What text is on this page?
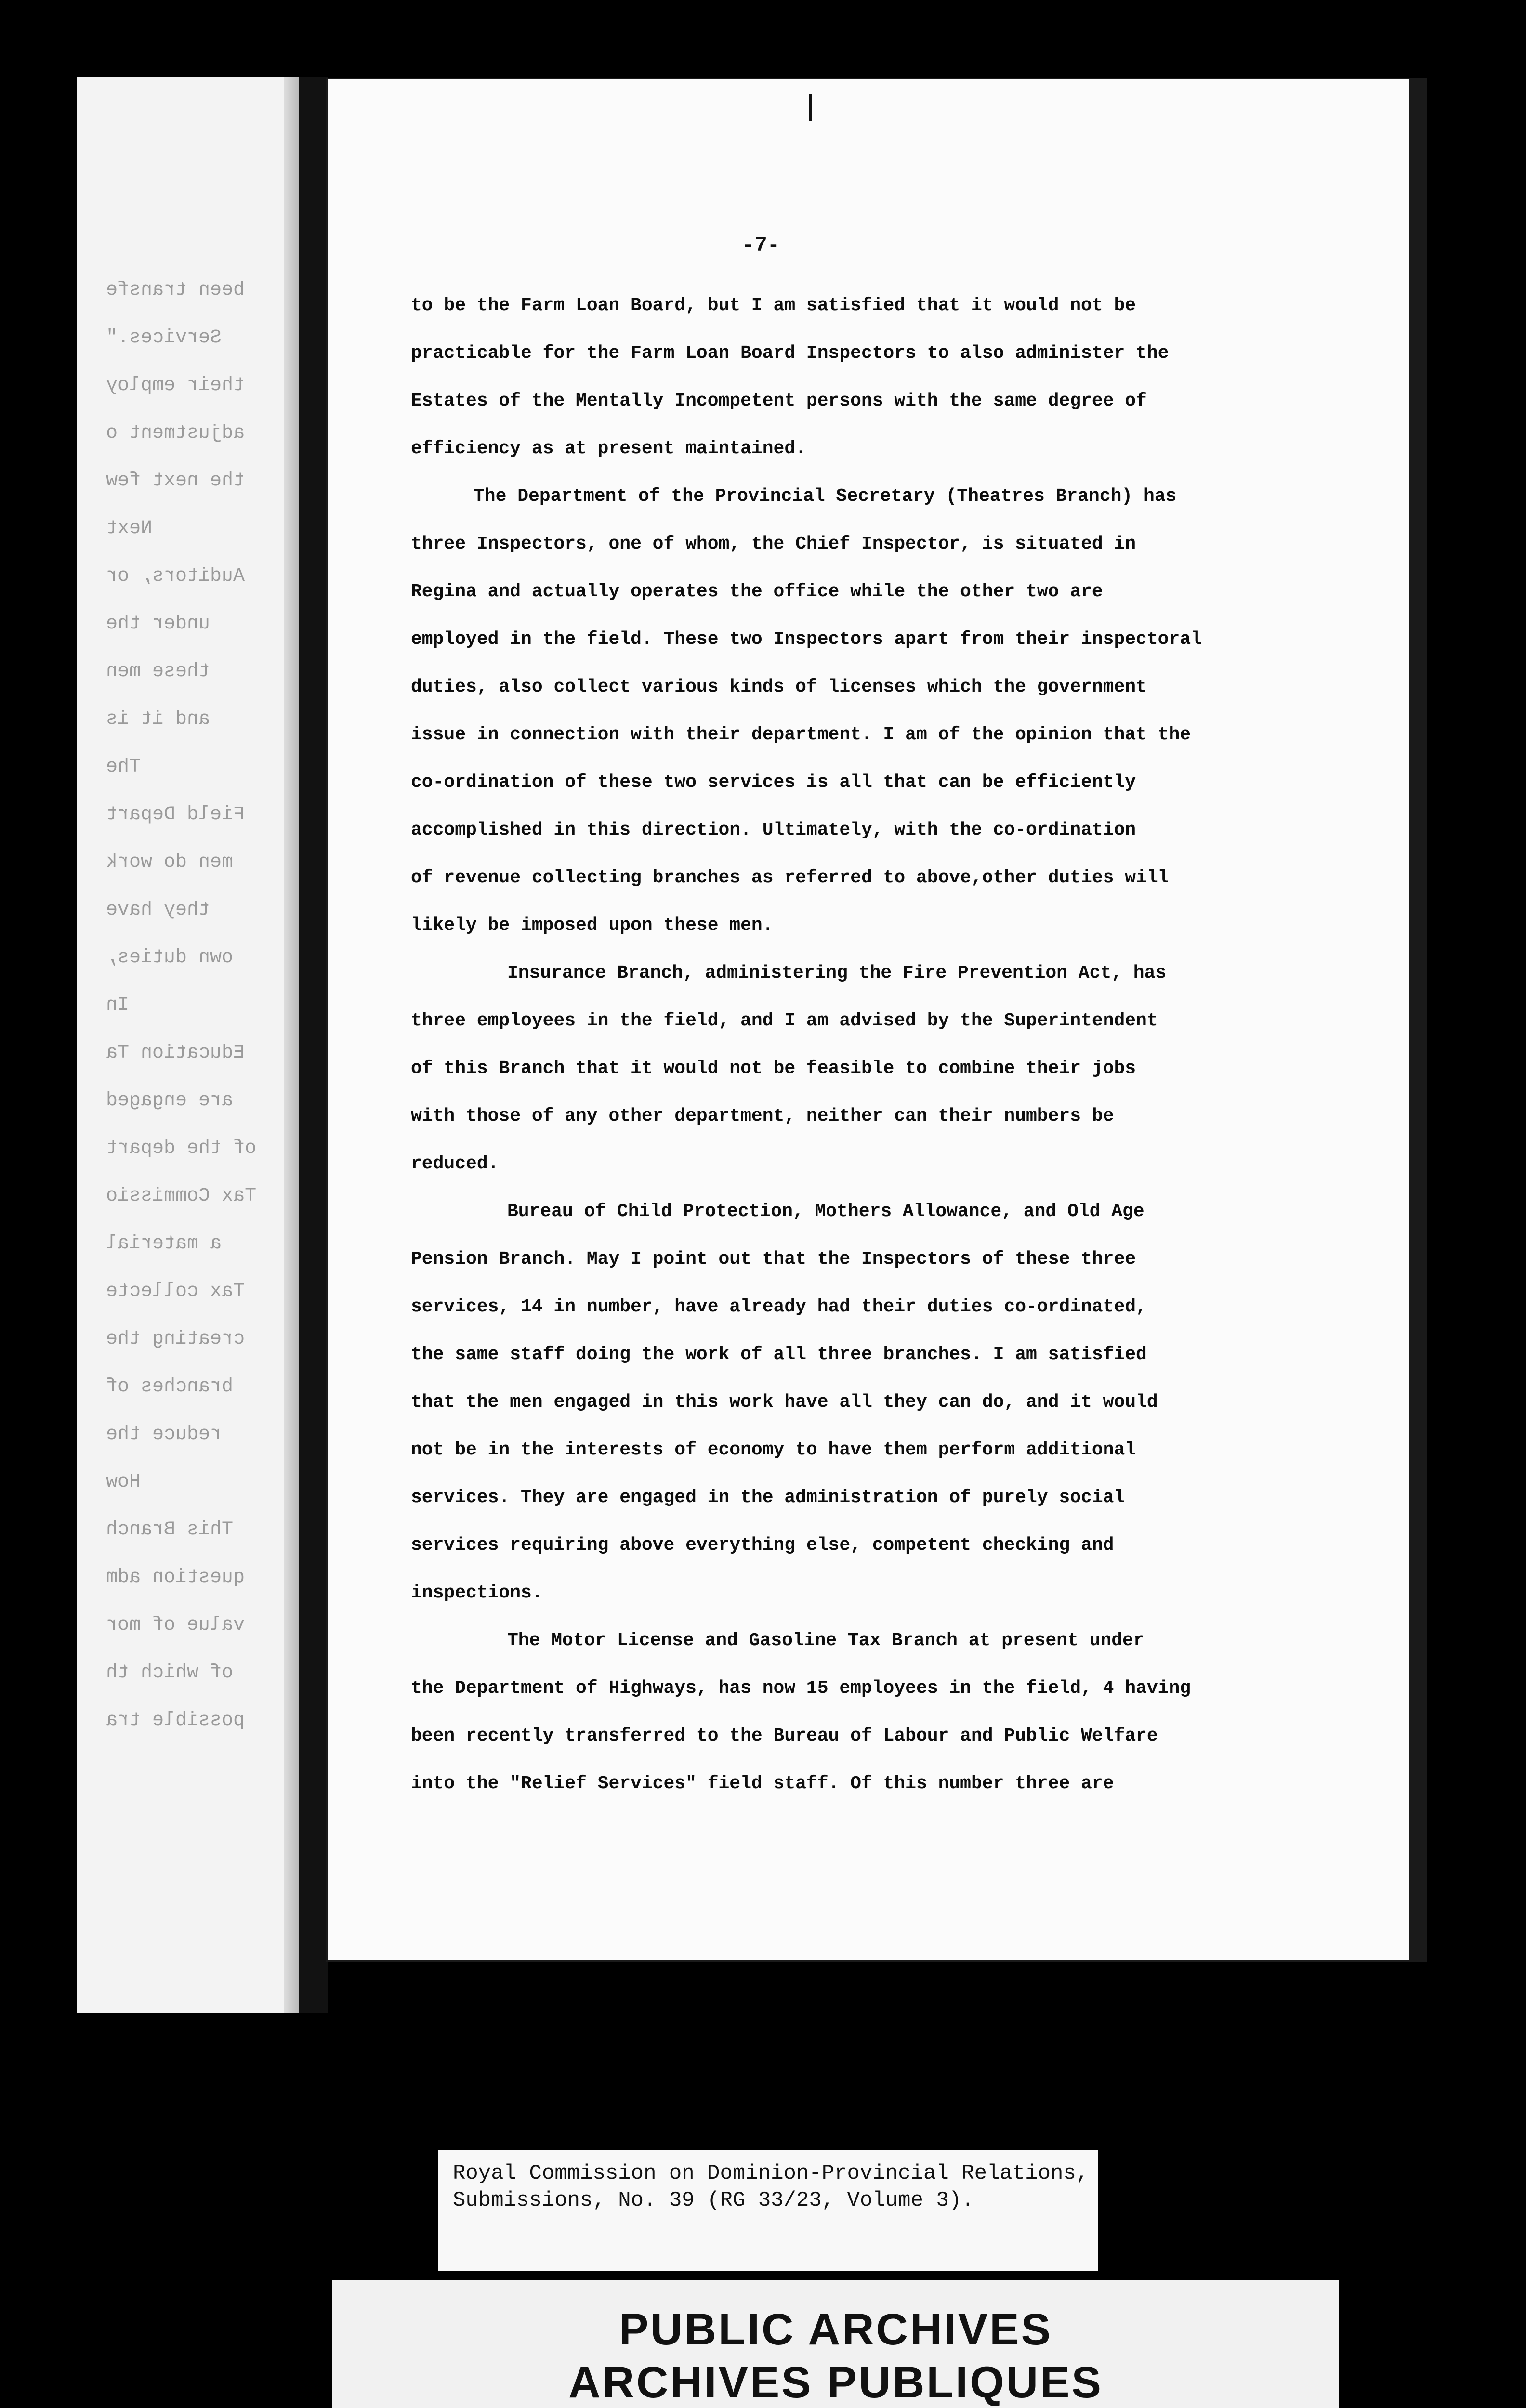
been transfe
Services."
their employ
adjustment o
the next few
Next
Auditors, or
under the
these men
and it is
The
Field Depart
men do work
they have
own duties,
In
Education Ta
are engaged
of the depart
Tax Commissio
a material
Tax collecte
creating the
branches of
reduce the
How
This Branch
question adm
value of mor
of which th
possible tra
-7-
to be the Farm Loan Board, but I am satisfied that it would not be
practicable for the Farm Loan Board Inspectors to also administer the
Estates of the Mentally Incompetent persons with the same degree of
efficiency as at present maintained.
The Department of the Provincial Secretary (Theatres Branch) has
three Inspectors, one of whom, the Chief Inspector, is situated in
Regina and actually operates the office while the other two are
employed in the field. These two Inspectors apart from their inspectoral
duties, also collect various kinds of licenses which the government
issue in connection with their department. I am of the opinion that the
co-ordination of these two services is all that can be efficiently
accomplished in this direction. Ultimately, with the co-ordination
of revenue collecting branches as referred to above,other duties will
likely be imposed upon these men.
Insurance Branch, administering the Fire Prevention Act, has
three employees in the field, and I am advised by the Superintendent
of this Branch that it would not be feasible to combine their jobs
with those of any other department, neither can their numbers be
reduced.
Bureau of Child Protection, Mothers Allowance, and Old Age
Pension Branch. May I point out that the Inspectors of these three
services, 14 in number, have already had their duties co-ordinated,
the same staff doing the work of all three branches. I am satisfied
that the men engaged in this work have all they can do, and it would
not be in the interests of economy to have them perform additional
services. They are engaged in the administration of purely social
services requiring above everything else, competent checking and
inspections.
The Motor License and Gasoline Tax Branch at present under
the Department of Highways, has now 15 employees in the field, 4 having
been recently transferred to the Bureau of Labour and Public Welfare
into the "Relief Services" field staff. Of this number three are
Royal Commission on Dominion-Provincial Relations,
Submissions, No. 39 (RG 33/23, Volume 3).
PUBLIC ARCHIVES
ARCHIVES PUBLIQUES
